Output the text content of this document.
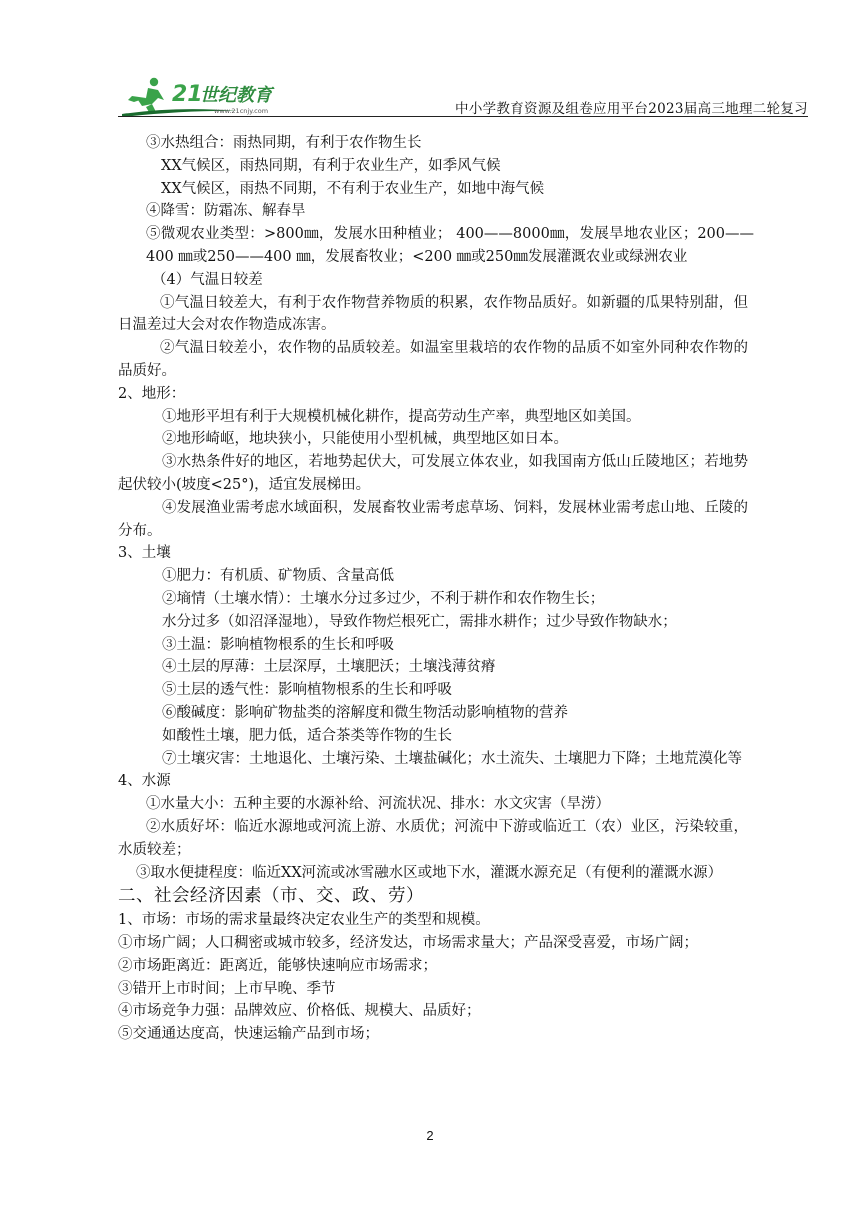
21
世纪教育
www.21cnjy.com	中小学教育资源及组卷应用平台2023届高三地理二轮复习
③水热组合：雨热同期，有利于农作物生长
XX气候区，雨热同期，有利于农业生产，如季风气候
XX气候区，雨热不同期，不有利于农业生产，如地中海气候
④降雪：防霜冻、解春旱
⑤微观农业类型：>800㎜，发展水田种植业； 400——8000㎜，发展旱地农业区；200——400 ㎜或250——400 ㎜，发展畜牧业；<200 ㎜或250㎜发展灌溉农业或绿洲农业
（4）气温日较差
①气温日较差大，有利于农作物营养物质的积累，农作物品质好。如新疆的瓜果特别甜，但日温差过大会对农作物造成冻害。
②气温日较差小，农作物的品质较差。如温室里栽培的农作物的品质不如室外同种农作物的品质好。
2、地形：
①地形平坦有利于大规模机械化耕作，提高劳动生产率，典型地区如美国。
②地形崎岖，地块狭小，只能使用小型机械，典型地区如日本。
③水热条件好的地区，若地势起伏大，可发展立体农业，如我国南方低山丘陵地区；若地势起伏较小(坡度<25°)，适宜发展梯田。
④发展渔业需考虑水域面积，发展畜牧业需考虑草场、饲料，发展林业需考虑山地、丘陵的分布。
3、土壤
①肥力：有机质、矿物质、含量高低
②墒情（土壤水情）：土壤水分过多过少，不利于耕作和农作物生长；
水分过多（如沼泽湿地），导致作物烂根死亡，需排水耕作；过少导致作物缺水；
③土温：影响植物根系的生长和呼吸
④土层的厚薄：土层深厚，土壤肥沃；土壤浅薄贫瘠
⑤土层的透气性：影响植物根系的生长和呼吸
⑥酸碱度：影响矿物盐类的溶解度和微生物活动影响植物的营养
如酸性土壤，肥力低，适合茶类等作物的生长
⑦土壤灾害：土地退化、土壤污染、土壤盐碱化；水土流失、土壤肥力下降；土地荒漠化等
4、水源
①水量大小：五种主要的水源补给、河流状况、排水：水文灾害（旱涝）
②水质好坏：临近水源地或河流上游、水质优；河流中下游或临近工（农）业区，污染较重，水质较差；
③取水便捷程度：临近XX河流或冰雪融水区或地下水，灌溉水源充足（有便利的灌溉水源）
二、社会经济因素（市、交、政、劳）
1、市场：市场的需求量最终决定农业生产的类型和规模。
①市场广阔；人口稠密或城市较多，经济发达，市场需求量大；产品深受喜爱，市场广阔；
②市场距离近：距离近，能够快速响应市场需求；
③错开上市时间；上市早晚、季节
④市场竞争力强：品牌效应、价格低、规模大、品质好；
⑤交通通达度高，快速运输产品到市场；
2
